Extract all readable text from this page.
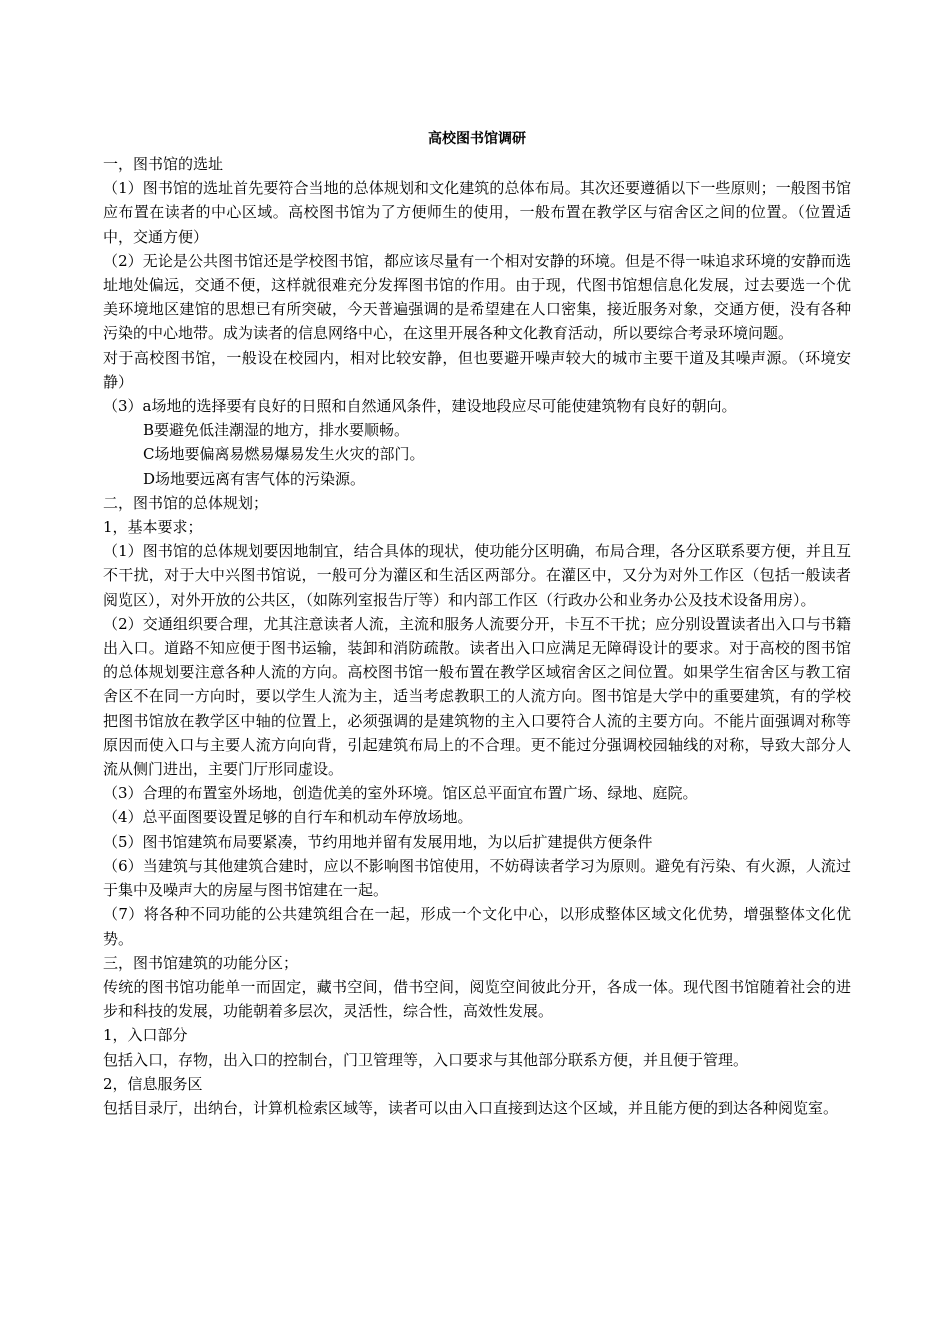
高校图书馆调研

一，图书馆的选址

（1）图书馆的选址首先要符合当地的总体规划和文化建筑的总体布局。其次还要遵循以下一些原则；一般图书馆应布置在读者的中心区域。高校图书馆为了方便师生的使用，一般布置在教学区与宿舍区之间的位置。（位置适中，交通方便）

（2）无论是公共图书馆还是学校图书馆，都应该尽量有一个相对安静的环境。但是不得一味追求环境的安静而选址地处偏远，交通不便，这样就很难充分发挥图书馆的作用。由于现，代图书馆想信息化发展，过去要选一个优美环境地区建馆的思想已有所突破，今天普遍强调的是希望建在人口密集，接近服务对象，交通方便，没有各种污染的中心地带。成为读者的信息网络中心，在这里开展各种文化教育活动，所以要综合考录环境问题。

对于高校图书馆，一般设在校园内，相对比较安静，但也要避开噪声较大的城市主要干道及其噪声源。（环境安静）

（3）a场地的选择要有良好的日照和自然通风条件，建设地段应尽可能使建筑物有良好的朝向。

B要避免低洼潮湿的地方，排水要顺畅。

C场地要偏离易燃易爆易发生火灾的部门。

D场地要远离有害气体的污染源。

二，图书馆的总体规划；

1，基本要求；

（1）图书馆的总体规划要因地制宜，结合具体的现状，使功能分区明确，布局合理，各分区联系要方便，并且互不干扰，对于大中兴图书馆说，一般可分为灌区和生活区两部分。在灌区中，又分为对外工作区（包括一般读者阅览区），对外开放的公共区，（如陈列室报告厅等）和内部工作区（行政办公和业务办公及技术设备用房）。

（2）交通组织要合理，尤其注意读者人流，主流和服务人流要分开，卡互不干扰；应分别设置读者出入口与书籍出入口。道路不知应便于图书运输，装卸和消防疏散。读者出入口应满足无障碍设计的要求。对于高校的图书馆的总体规划要注意各种人流的方向。高校图书馆一般布置在教学区域宿舍区之间位置。如果学生宿舍区与教工宿舍区不在同一方向时，要以学生人流为主，适当考虑教职工的人流方向。图书馆是大学中的重要建筑，有的学校把图书馆放在教学区中轴的位置上，必须强调的是建筑物的主入口要符合人流的主要方向。不能片面强调对称等原因而使入口与主要人流方向向背，引起建筑布局上的不合理。更不能过分强调校园轴线的对称，导致大部分人流从侧门进出，主要门厅形同虚设。

（3）合理的布置室外场地，创造优美的室外环境。馆区总平面宜布置广场、绿地、庭院。

（4）总平面图要设置足够的自行车和机动车停放场地。

（5）图书馆建筑布局要紧凑，节约用地并留有发展用地，为以后扩建提供方便条件

（6）当建筑与其他建筑合建时，应以不影响图书馆使用，不妨碍读者学习为原则。避免有污染、有火源，人流过于集中及噪声大的房屋与图书馆建在一起。

（7）将各种不同功能的公共建筑组合在一起，形成一个文化中心，以形成整体区域文化优势，增强整体文化优势。

三，图书馆建筑的功能分区；

传统的图书馆功能单一而固定，藏书空间，借书空间，阅览空间彼此分开，各成一体。现代图书馆随着社会的进步和科技的发展，功能朝着多层次，灵活性，综合性，高效性发展。

1，入口部分

包括入口，存物，出入口的控制台，门卫管理等，入口要求与其他部分联系方便，并且便于管理。

2，信息服务区

包括目录厅，出纳台，计算机检索区域等，读者可以由入口直接到达这个区域，并且能方便的到达各种阅览室。
